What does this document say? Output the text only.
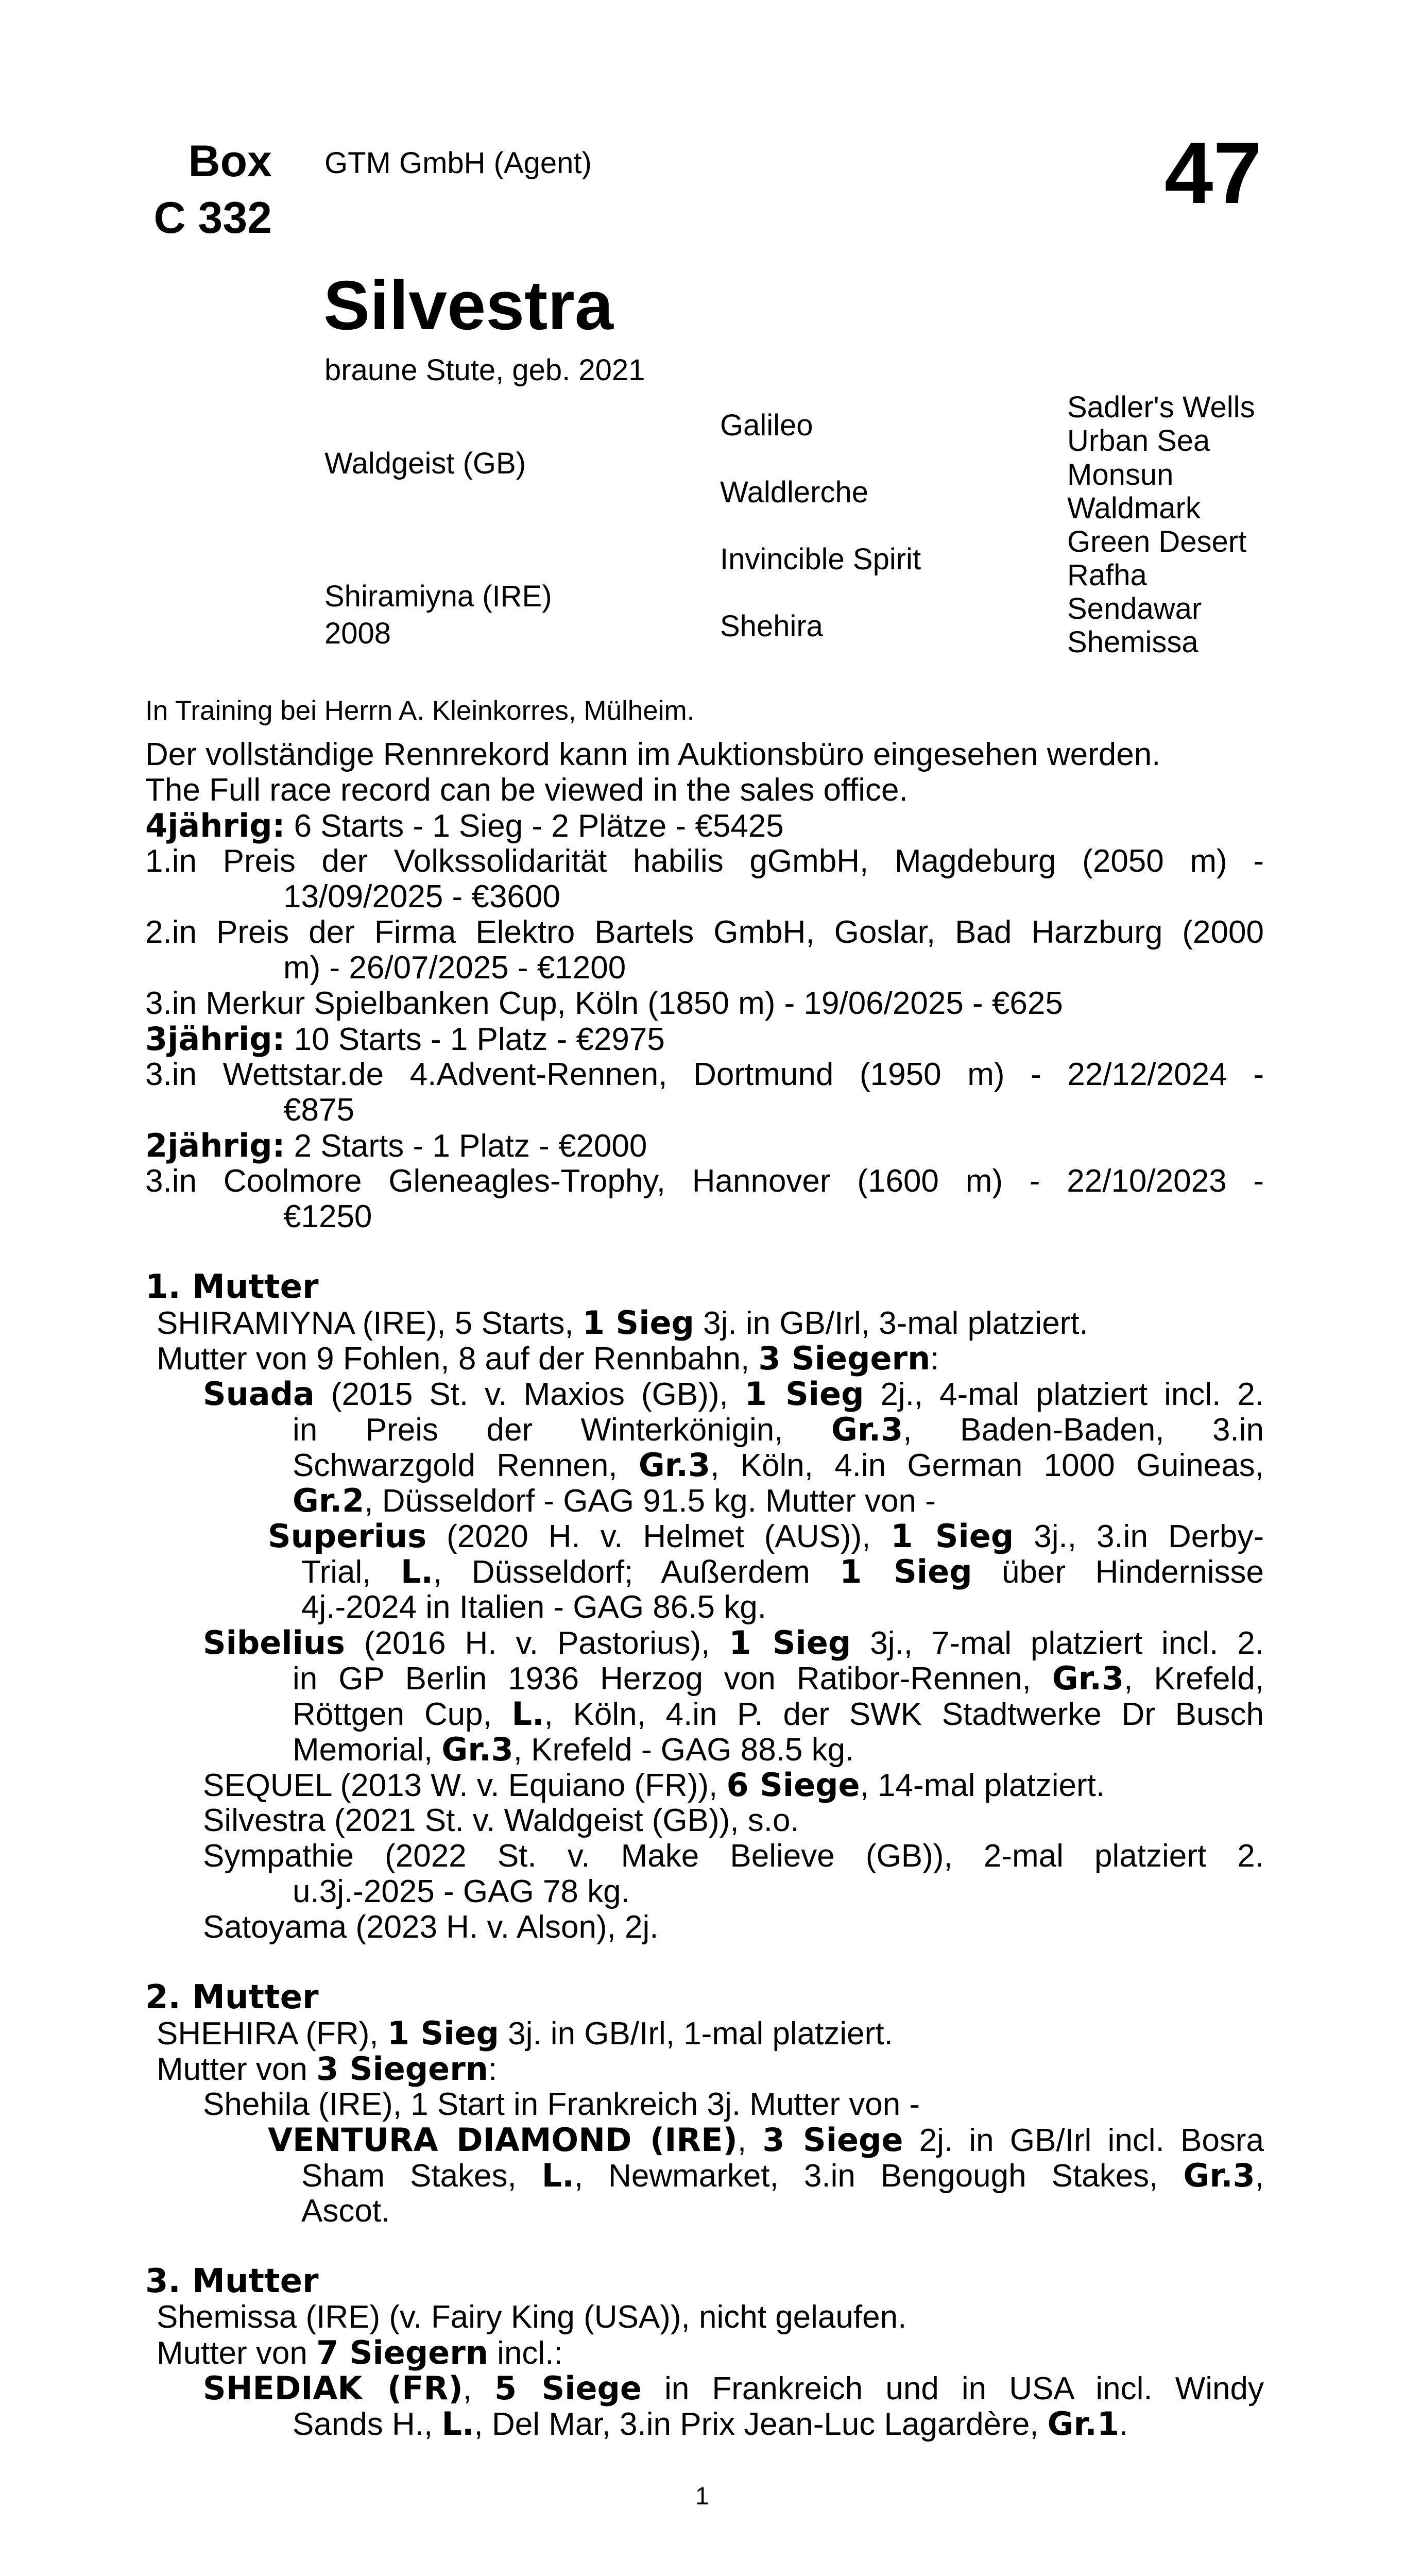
Box
C 332
GTM GmbH (Agent)	47
Silvestra
braune Stute, geb. 2021
Waldgeist (GB)
Shiramiyna (IRE)
2008
Galileo
Waldlerche
Invincible Spirit
Shehira
Sadler's Wells
Urban Sea
Monsun
Waldmark
Green Desert
Rafha
Sendawar
Shemissa
In Training bei Herrn A. Kleinkorres, Mülheim.
Der vollständige Rennrekord kann im Auktionsbüro eingesehen werden.
The Full race record can be viewed in the sales office.
4jährig: 6 Starts - 1 Sieg - 2 Plätze - €5425
1.in Preis der Volkssolidarität habilis gGmbH, Magdeburg (2050 m) -
13/09/2025 - €3600
2.in Preis der Firma Elektro Bartels GmbH, Goslar, Bad Harzburg (2000
m) - 26/07/2025 - €1200
3.in Merkur Spielbanken Cup, Köln (1850 m) - 19/06/2025 - €625
3jährig: 10 Starts - 1 Platz - €2975
3.in Wettstar.de 4.Advent-Rennen, Dortmund (1950 m) - 22/12/2024 -
€875
2jährig: 2 Starts - 1 Platz - €2000
3.in Coolmore Gleneagles-Trophy, Hannover (1600 m) - 22/10/2023 -
€1250
1. Mutter
SHIRAMIYNA (IRE), 5 Starts, 1 Sieg 3j. in GB/Irl, 3-mal platziert.
Mutter von 9 Fohlen, 8 auf der Rennbahn, 3 Siegern:
Suada (2015 St. v. Maxios (GB)), 1 Sieg 2j., 4-mal platziert incl. 2.
in Preis der Winterkönigin, Gr.3, Baden-Baden, 3.in
Schwarzgold Rennen, Gr.3, Köln, 4.in German 1000 Guineas,
Gr.2, Düsseldorf - GAG 91.5 kg. Mutter von -
Superius (2020 H. v. Helmet (AUS)), 1 Sieg 3j., 3.in Derby-
Trial, L., Düsseldorf; Außerdem 1 Sieg über Hindernisse
4j.-2024 in Italien - GAG 86.5 kg.
Sibelius (2016 H. v. Pastorius), 1 Sieg 3j., 7-mal platziert incl. 2.
in GP Berlin 1936 Herzog von Ratibor-Rennen, Gr.3, Krefeld,
Röttgen Cup, L., Köln, 4.in P. der SWK Stadtwerke Dr Busch
Memorial, Gr.3, Krefeld - GAG 88.5 kg.
SEQUEL (2013 W. v. Equiano (FR)), 6 Siege, 14-mal platziert.
Silvestra (2021 St. v. Waldgeist (GB)), s.o.
Sympathie (2022 St. v. Make Believe (GB)), 2-mal platziert 2.
u.3j.-2025 - GAG 78 kg.
Satoyama (2023 H. v. Alson), 2j.
2. Mutter
SHEHIRA (FR), 1 Sieg 3j. in GB/Irl, 1-mal platziert.
Mutter von 3 Siegern:
Shehila (IRE), 1 Start in Frankreich 3j. Mutter von -
VENTURA DIAMOND (IRE), 3 Siege 2j. in GB/Irl incl. Bosra
Sham Stakes, L., Newmarket, 3.in Bengough Stakes, Gr.3,
Ascot.
3. Mutter
Shemissa (IRE) (v. Fairy King (USA)), nicht gelaufen.
Mutter von 7 Siegern incl.:
SHEDIAK (FR), 5 Siege in Frankreich und in USA incl. Windy
Sands H., L., Del Mar, 3.in Prix Jean-Luc Lagardère, Gr.1.
1
